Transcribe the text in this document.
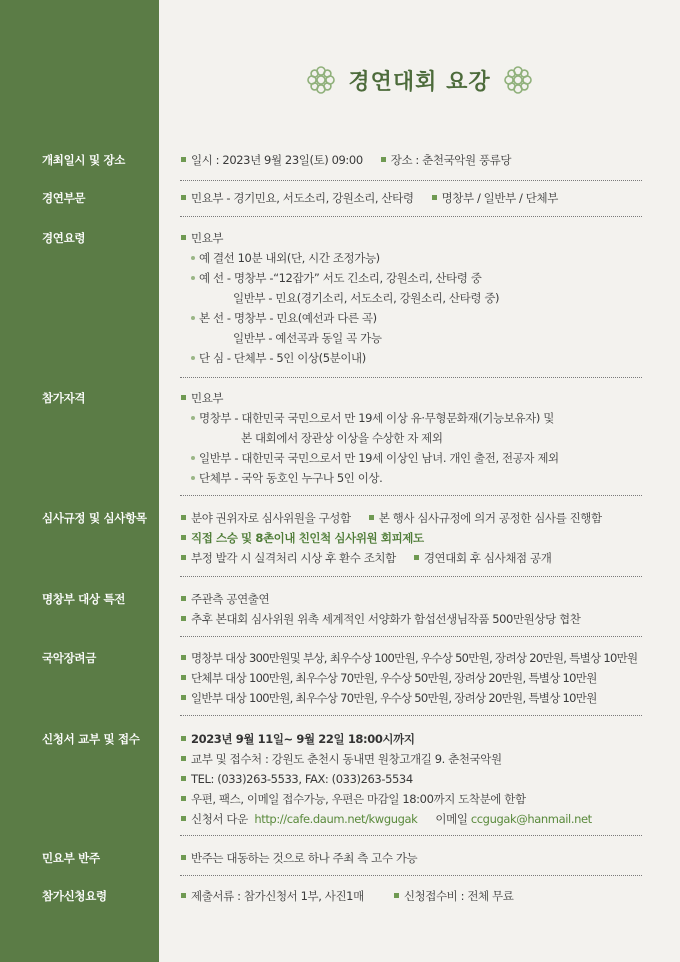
경연대회 요강
개최일시 및 장소	일시 : 2023년 9월 23일(토) 09:00 장소 : 춘천국악원 풍류당
경연부문	민요부 - 경기민요, 서도소리, 강원소리, 산타령 명창부 / 일반부 / 단체부
경연요령	민요부
예 결선 10분 내외(단, 시간 조정가능)
예 선 - 명창부 -“12잡가” 서도 긴소리, 강원소리, 산타령 중
일반부 - 민요(경기소리, 서도소리, 강원소리, 산타령 중)
본 선 - 명창부 - 민요(예선과 다른 곡)
일반부 - 예선곡과 동일 곡 가능
단 심 - 단체부 - 5인 이상(5분이내)
참가자격	민요부
명창부 - 대한민국 국민으로서 만 19세 이상 유·무형문화재(기능보유자) 및
본 대회에서 장관상 이상을 수상한 자 제외
일반부 - 대한민국 국민으로서 만 19세 이상인 남녀. 개인 출전, 전공자 제외
단체부 - 국악 동호인 누구나 5인 이상.
심사규정 및 심사항목	분야 권위자로 심사위원을 구성함 본 행사 심사규정에 의거 공정한 심사를 진행함
직접 스승 및 8촌이내 친인척 심사위원 회피제도
부정 발각 시 실격처리 시상 후 환수 조치함 경연대회 후 심사채점 공개
명창부 대상 특전	주관측 공연출연
추후 본대회 심사위원 위촉 세계적인 서양화가 함섭선생님작품 500만원상당 협찬
국악장려금	명창부 대상 300만원및 부상, 최우수상 100만원, 우수상 50만원, 장려상 20만원, 특별상 10만원
단체부 대상 100만원, 최우수상 70만원, 우수상 50만원, 장려상 20만원, 특별상 10만원
일반부 대상 100만원, 최우수상 70만원, 우수상 50만원, 장려상 20만원, 특별상 10만원
신청서 교부 및 접수	2023년 9월 11일~ 9월 22일 18:00시까지
교부 및 접수처 : 강원도 춘천시 동내면 원창고개길 9. 춘천국악원
TEL: (033)263-5533, FAX: (033)263-5534
우편, 팩스, 이메일 접수가능, 우편은 마감일 18:00까지 도착분에 한함
신청서 다운 http://cafe.daum.net/kwgugak 이메일 ccgugak@hanmail.net
민요부 반주	반주는 대동하는 것으로 하나 주최 측 고수 가능
참가신청요령	제출서류 : 참가신청서 1부, 사진1매	신청접수비 : 전체 무료
